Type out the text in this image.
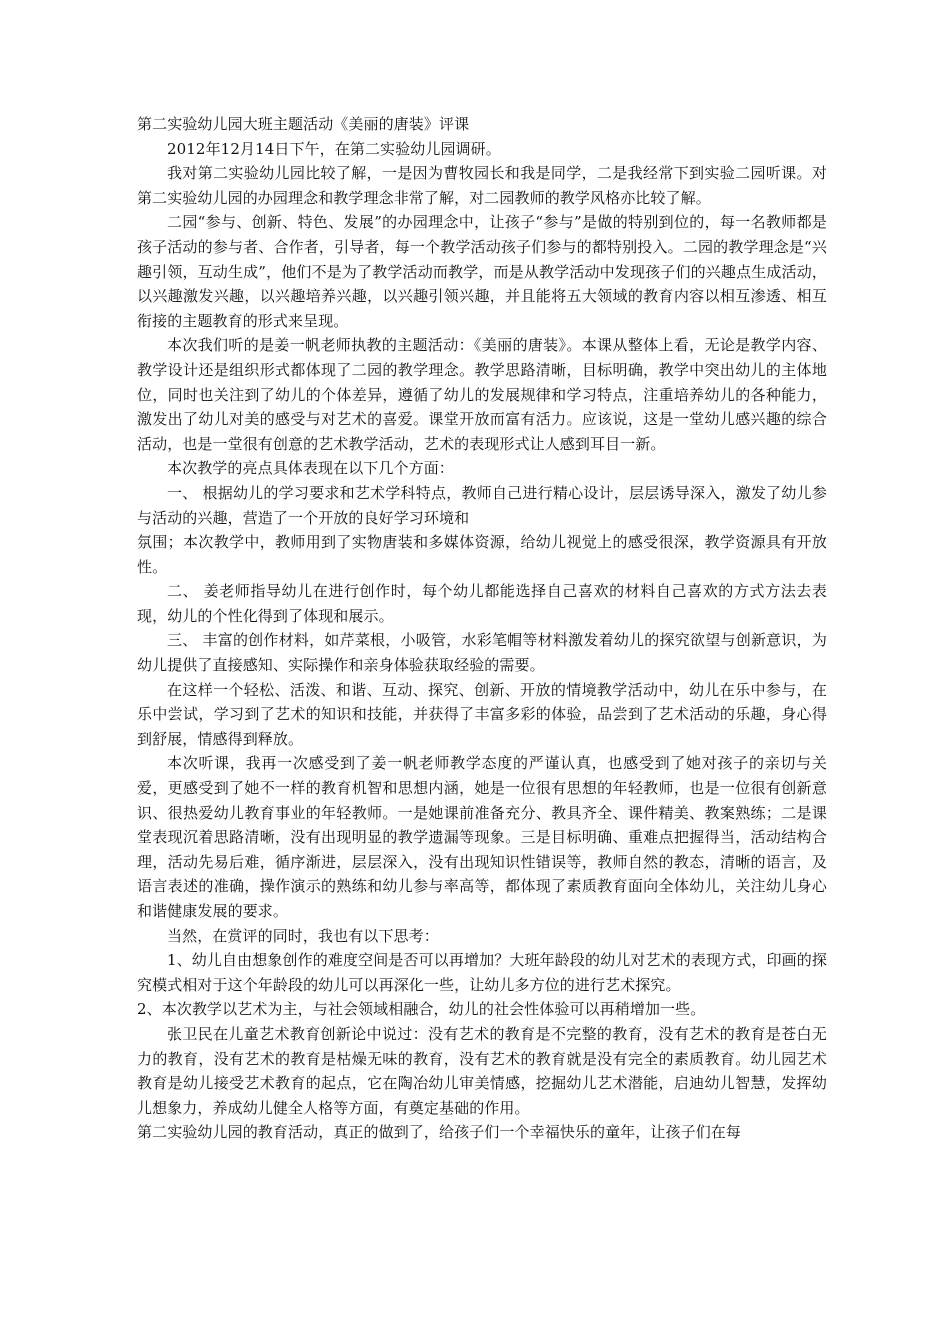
第二实验幼儿园大班主题活动《美丽的唐装》评课

2012年12月14日下午，在第二实验幼儿园调研。

我对第二实验幼儿园比较了解，一是因为曹牧园长和我是同学，二是我经常下到实验二园听课。对第二实验幼儿园的办园理念和教学理念非常了解，对二园教师的教学风格亦比较了解。

二园“参与、创新、特色、发展”的办园理念中，让孩子“参与”是做的特别到位的，每一名教师都是孩子活动的参与者、合作者，引导者，每一个教学活动孩子们参与的都特别投入。二园的教学理念是“兴趣引领，互动生成”，他们不是为了教学活动而教学，而是从教学活动中发现孩子们的兴趣点生成活动，以兴趣激发兴趣，以兴趣培养兴趣，以兴趣引领兴趣，并且能将五大领域的教育内容以相互渗透、相互衔接的主题教育的形式来呈现。

本次我们听的是姜一帆老师执教的主题活动：《美丽的唐装》。本课从整体上看，无论是教学内容、教学设计还是组织形式都体现了二园的教学理念。教学思路清晰，目标明确，教学中突出幼儿的主体地位，同时也关注到了幼儿的个体差异，遵循了幼儿的发展规律和学习特点，注重培养幼儿的各种能力，激发出了幼儿对美的感受与对艺术的喜爱。课堂开放而富有活力。应该说，这是一堂幼儿感兴趣的综合活动，也是一堂很有创意的艺术教学活动，艺术的表现形式让人感到耳目一新。

本次教学的亮点具体表现在以下几个方面：

一、 根据幼儿的学习要求和艺术学科特点，教师自己进行精心设计，层层诱导深入，激发了幼儿参与活动的兴趣，营造了一个开放的良好学习环境和

氛围；本次教学中，教师用到了实物唐装和多媒体资源，给幼儿视觉上的感受很深，教学资源具有开放性。

二、 姜老师指导幼儿在进行创作时，每个幼儿都能选择自己喜欢的材料自己喜欢的方式方法去表现，幼儿的个性化得到了体现和展示。

三、 丰富的创作材料，如芹菜根，小吸管，水彩笔帽等材料激发着幼儿的探究欲望与创新意识，为幼儿提供了直接感知、实际操作和亲身体验获取经验的需要。

在这样一个轻松、活泼、和谐、互动、探究、创新、开放的情境教学活动中，幼儿在乐中参与，在乐中尝试，学习到了艺术的知识和技能，并获得了丰富多彩的体验，品尝到了艺术活动的乐趣，身心得到舒展，情感得到释放。

本次听课，我再一次感受到了姜一帆老师教学态度的严谨认真，也感受到了她对孩子的亲切与关爱，更感受到了她不一样的教育机智和思想内涵，她是一位很有思想的年轻教师，也是一位很有创新意识、很热爱幼儿教育事业的年轻教师。一是她课前准备充分、教具齐全、课件精美、教案熟练；二是课堂表现沉着思路清晰，没有出现明显的教学遗漏等现象。三是目标明确、重难点把握得当，活动结构合理，活动先易后难，循序渐进，层层深入，没有出现知识性错误等，教师自然的教态，清晰的语言，及语言表述的准确，操作演示的熟练和幼儿参与率高等，都体现了素质教育面向全体幼儿，关注幼儿身心和谐健康发展的要求。

当然，在赏评的同时，我也有以下思考：

1、幼儿自由想象创作的难度空间是否可以再增加？大班年龄段的幼儿对艺术的表现方式，印画的探究模式相对于这个年龄段的幼儿可以再深化一些，让幼儿多方位的进行艺术探究。

2、本次教学以艺术为主，与社会领域相融合，幼儿的社会性体验可以再稍增加一些。

张卫民在儿童艺术教育创新论中说过：没有艺术的教育是不完整的教育，没有艺术的教育是苍白无力的教育，没有艺术的教育是枯燥无味的教育，没有艺术的教育就是没有完全的素质教育。幼儿园艺术教育是幼儿接受艺术教育的起点，它在陶冶幼儿审美情感，挖掘幼儿艺术潜能，启迪幼儿智慧，发挥幼儿想象力，养成幼儿健全人格等方面，有奠定基础的作用。

第二实验幼儿园的教育活动，真正的做到了，给孩子们一个幸福快乐的童年，让孩子们在每
